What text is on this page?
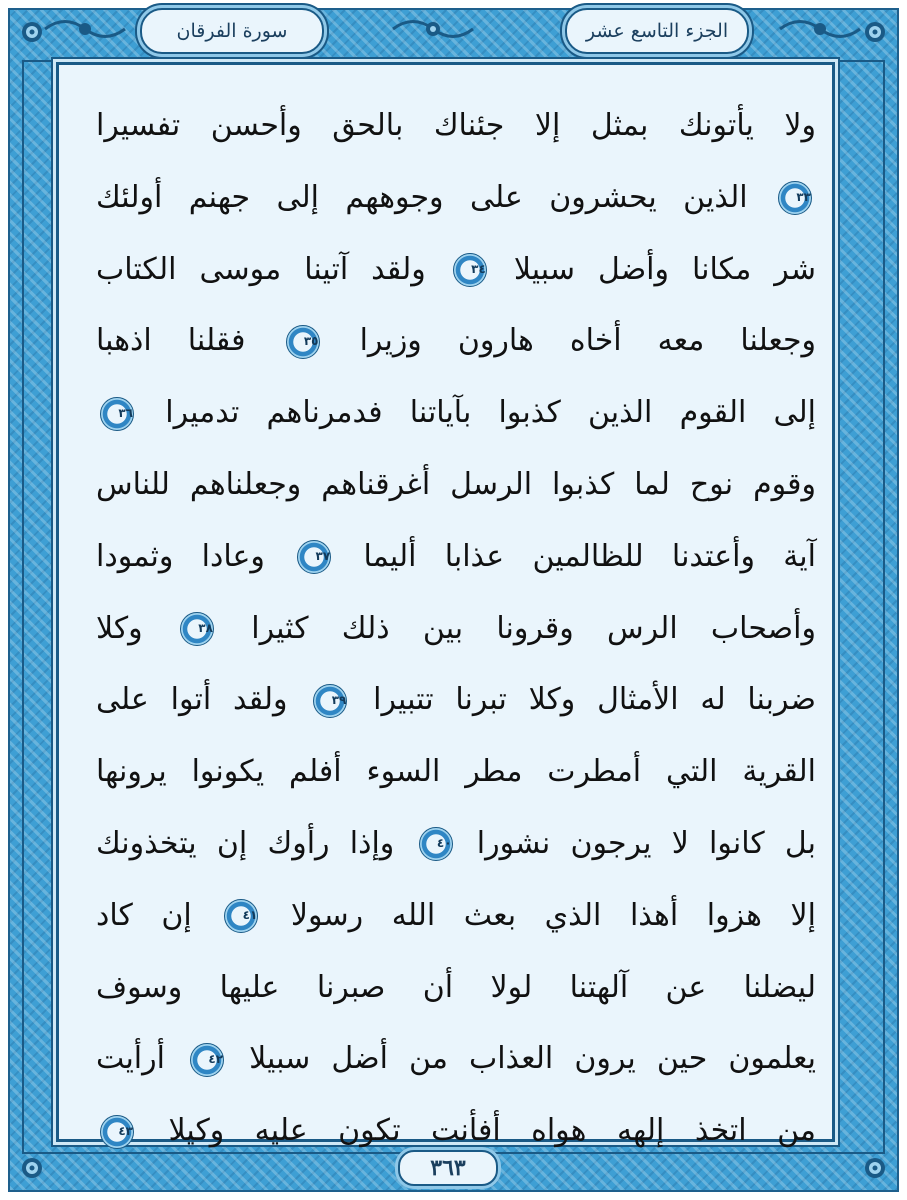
الجزء التاسع عشر
سورة الفرقان
ولا يأتونك بمثل إلا جئناك بالحق وأحسن تفسيرا
٣٣ الذين يحشرون على وجوههم إلى جهنم أولئك
شر مكانا وأضل سبيلا ٣٤ ولقد آتينا موسى الكتاب
وجعلنا معه أخاه هارون وزيرا ٣٥ فقلنا اذهبا
إلى القوم الذين كذبوا بآياتنا فدمرناهم تدميرا ٣٦
وقوم نوح لما كذبوا الرسل أغرقناهم وجعلناهم للناس
آية وأعتدنا للظالمين عذابا أليما ٣٧ وعادا وثمودا
وأصحاب الرس وقرونا بين ذلك كثيرا ٣٨ وكلا
ضربنا له الأمثال وكلا تبرنا تتبيرا ٣٩ ولقد أتوا على
القرية التي أمطرت مطر السوء أفلم يكونوا يرونها
بل كانوا لا يرجون نشورا ٤٠ وإذا رأوك إن يتخذونك
إلا هزوا أهذا الذي بعث الله رسولا ٤١ إن كاد
ليضلنا عن آلهتنا لولا أن صبرنا عليها وسوف
يعلمون حين يرون العذاب من أضل سبيلا ٤٢ أرأيت
من اتخذ إلهه هواه أفأنت تكون عليه وكيلا ٤٣
٣٦٣
